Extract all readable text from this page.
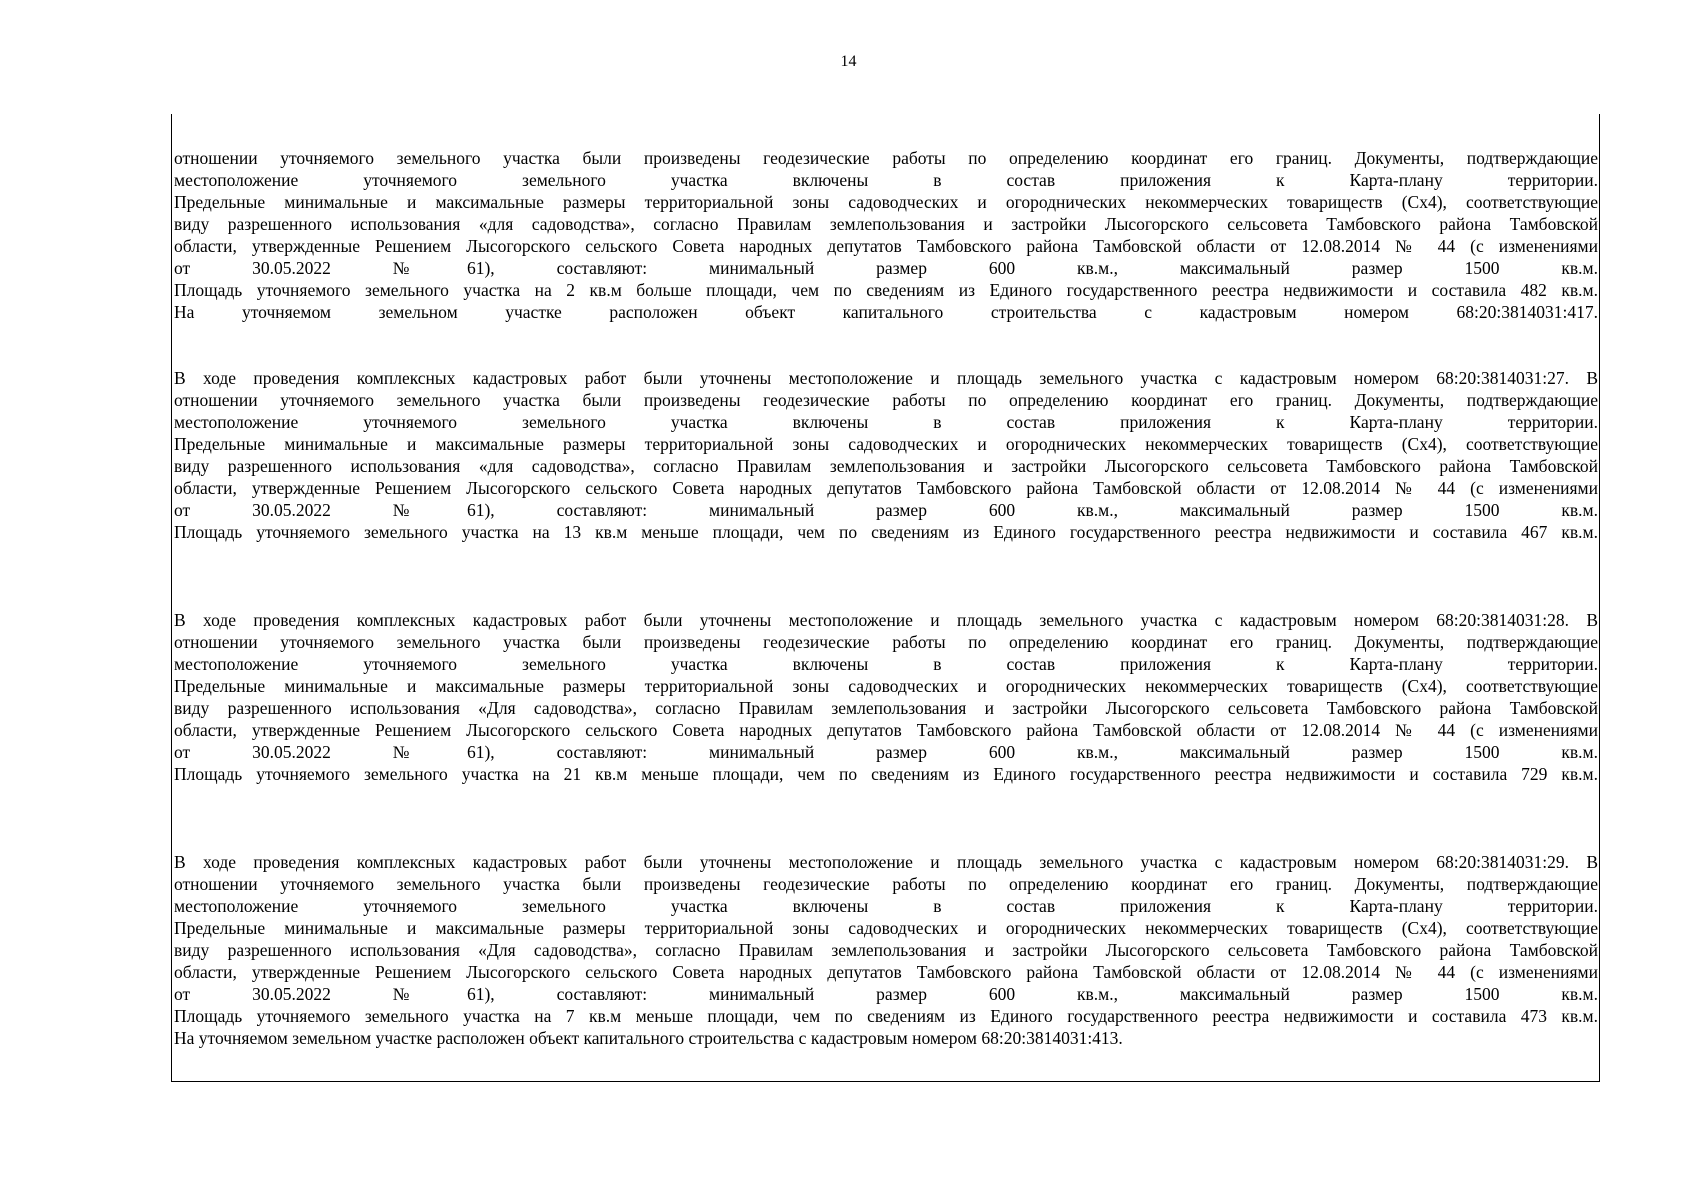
14
отношении уточняемого земельного участка были произведены геодезические работы по определению координат его границ. Документы, подтверждающие
местоположение уточняемого земельного участка включены в состав приложения к Карта-плану территории.
Предельные минимальные и максимальные размеры территориальной зоны садоводческих и огороднических некоммерческих товариществ (Сх4), соответствующие
виду разрешенного использования «для садоводства», согласно Правилам землепользования и застройки Лысогорского сельсовета Тамбовского района Тамбовской
области, утвержденные Решением Лысогорского сельского Совета народных депутатов Тамбовского района Тамбовской области от 12.08.2014 № 44 (с изменениями
от 30.05.2022 №61), составляют: минимальный размер 600 кв.м., максимальный размер 1500 кв.м.
Площадь уточняемого земельного участка на 2 кв.м больше площади, чем по сведениям из Единого государственного реестра недвижимости и составила 482 кв.м.
На уточняемом земельном участке расположен объект капитального строительства с кадастровым номером 68:20:3814031:417.
В ходе проведения комплексных кадастровых работ были уточнены местоположение и площадь земельного участка с кадастровым номером 68:20:3814031:27. В
отношении уточняемого земельного участка были произведены геодезические работы по определению координат его границ. Документы, подтверждающие
местоположение уточняемого земельного участка включены в состав приложения к Карта-плану территории.
Предельные минимальные и максимальные размеры территориальной зоны садоводческих и огороднических некоммерческих товариществ (Сх4), соответствующие
виду разрешенного использования «для садоводства», согласно Правилам землепользования и застройки Лысогорского сельсовета Тамбовского района Тамбовской
области, утвержденные Решением Лысогорского сельского Совета народных депутатов Тамбовского района Тамбовской области от 12.08.2014 № 44 (с изменениями
от 30.05.2022 №61), составляют: минимальный размер 600 кв.м., максимальный размер 1500 кв.м.
Площадь уточняемого земельного участка на 13 кв.м меньше площади, чем по сведениям из Единого государственного реестра недвижимости и составила 467 кв.м.
В ходе проведения комплексных кадастровых работ были уточнены местоположение и площадь земельного участка с кадастровым номером 68:20:3814031:28. В
отношении уточняемого земельного участка были произведены геодезические работы по определению координат его границ. Документы, подтверждающие
местоположение уточняемого земельного участка включены в состав приложения к Карта-плану территории.
Предельные минимальные и максимальные размеры территориальной зоны садоводческих и огороднических некоммерческих товариществ (Сх4), соответствующие
виду разрешенного использования «Для садоводства», согласно Правилам землепользования и застройки Лысогорского сельсовета Тамбовского района Тамбовской
области, утвержденные Решением Лысогорского сельского Совета народных депутатов Тамбовского района Тамбовской области от 12.08.2014 № 44 (с изменениями
от 30.05.2022 №61), составляют: минимальный размер 600 кв.м., максимальный размер 1500 кв.м.
Площадь уточняемого земельного участка на 21 кв.м меньше площади, чем по сведениям из Единого государственного реестра недвижимости и составила 729 кв.м.
В ходе проведения комплексных кадастровых работ были уточнены местоположение и площадь земельного участка с кадастровым номером 68:20:3814031:29. В
отношении уточняемого земельного участка были произведены геодезические работы по определению координат его границ. Документы, подтверждающие
местоположение уточняемого земельного участка включены в состав приложения к Карта-плану территории.
Предельные минимальные и максимальные размеры территориальной зоны садоводческих и огороднических некоммерческих товариществ (Сх4), соответствующие
виду разрешенного использования «Для садоводства», согласно Правилам землепользования и застройки Лысогорского сельсовета Тамбовского района Тамбовской
области, утвержденные Решением Лысогорского сельского Совета народных депутатов Тамбовского района Тамбовской области от 12.08.2014 № 44 (с изменениями
от 30.05.2022 №61), составляют: минимальный размер 600 кв.м., максимальный размер 1500 кв.м.
Площадь уточняемого земельного участка на 7 кв.м меньше площади, чем по сведениям из Единого государственного реестра недвижимости и составила 473 кв.м.
На уточняемом земельном участке расположен объект капитального строительства с кадастровым номером 68:20:3814031:413.
